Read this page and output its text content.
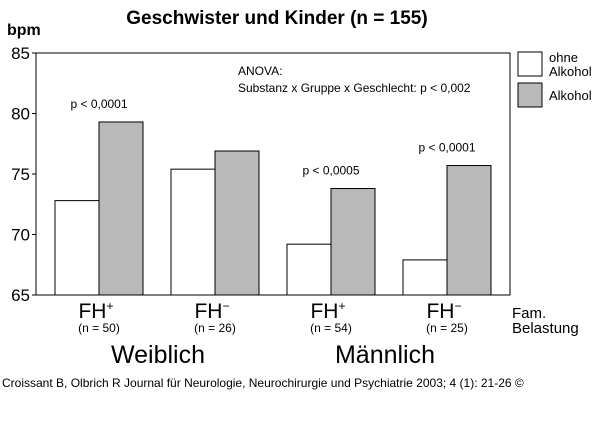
Geschwister und Kinder (n = 155)
bpm
65
70
75
80
85
p < 0,0001
p < 0,0005
p < 0,0001
ANOVA:
Substanz x Gruppe x Geschlecht: p < 0,002
FH+
(n = 50)
FH−
(n = 26)
FH+
(n = 54)
FH−
(n = 25)
Weiblich	Männlich
Fam.
Belastung
ohne
Alkohol
Alkohol
Croissant B, Olbrich R Journal für Neurologie, Neurochirurgie und Psychiatrie 2003; 4 (1): 21-26 ©
